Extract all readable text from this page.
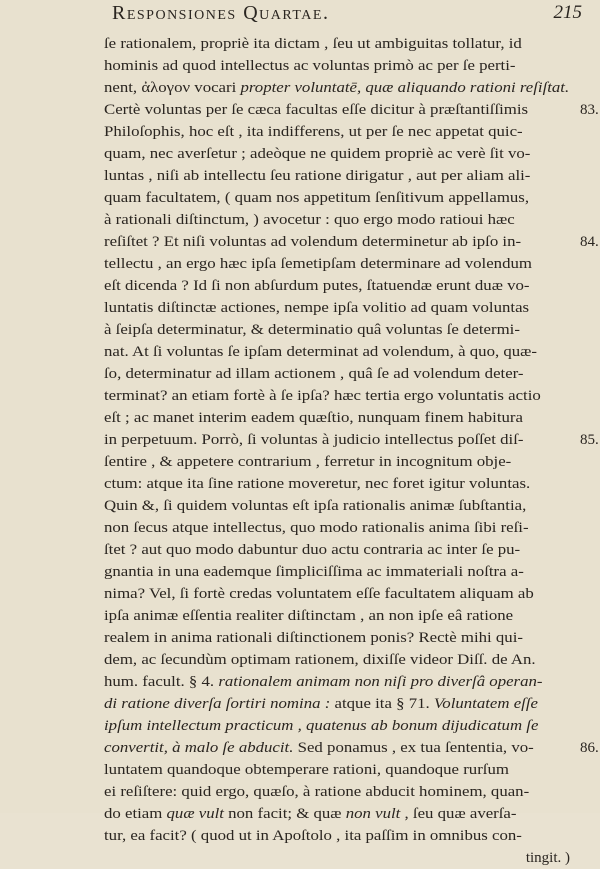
Responsiones Quartae.	215
ſe rationalem, propriè ita dictam , ſeu ut ambiguitas tollatur, id
hominis ad quod intellectus ac voluntas primò ac per ſe perti-
nent, ἀλογον vocari propter voluntatē, quæ aliquando rationi reſiſtat.
Certè voluntas per ſe cæca facultas eſſe dicitur à præſtantiſſimis	83.
Philoſophis, hoc eſt , ita indifferens, ut per ſe nec appetat quic-
quam, nec averſetur ; adeòque ne quidem propriè ac verè ſit vo-
luntas , niſi ab intellectu ſeu ratione dirigatur , aut per aliam ali-
quam facultatem, ( quam nos appetitum ſenſitivum appellamus,
à rationali diſtinctum, ) avocetur : quo ergo modo ratioui hæc
reſiſtet ? Et niſi voluntas ad volendum determinetur ab ipſo in-	84.
tellectu , an ergo hæc ipſa ſemetipſam determinare ad volendum
eſt dicenda ? Id ſi non abſurdum putes, ſtatuendæ erunt duæ vo-
luntatis diſtinctæ actiones, nempe ipſa volitio ad quam voluntas
à ſeipſa determinatur, & determinatio quâ voluntas ſe determi-
nat. At ſi voluntas ſe ipſam determinat ad volendum, à quo, quæ-
ſo, determinatur ad illam actionem , quâ ſe ad volendum deter-
terminat? an etiam fortè à ſe ipſa? hæc tertia ergo voluntatis actio
eſt ; ac manet interim eadem quæſtio, nunquam finem habitura
in perpetuum. Porrò, ſi voluntas à judicio intellectus poſſet diſ-	85.
ſentire , & appetere contrarium , ferretur in incognitum obje-
ctum: atque ita ſine ratione moveretur, nec foret igitur voluntas.
Quin &, ſi quidem voluntas eſt ipſa rationalis animæ ſubſtantia,
non ſecus atque intellectus, quo modo rationalis anima ſibi reſi-
ſtet ? aut quo modo dabuntur duo actu contraria ac inter ſe pu-
gnantia in una eademque ſimpliciſſima ac immateriali noſtra a-
nima? Vel, ſi fortè credas voluntatem eſſe facultatem aliquam ab
ipſa animæ eſſentia realiter diſtinctam , an non ipſe eâ ratione
realem in anima rationali diſtinctionem ponis? Rectè mihi qui-
dem, ac ſecundùm optimam rationem, dixiſſe videor Diſſ. de An.
hum. facult. § 4. rationalem animam non niſi pro diverſâ operan-
di ratione diverſa ſortiri nomina : atque ita § 71. Voluntatem eſſe
ipſum intellectum practicum , quatenus ab bonum dijudicatum ſe
convertit, à malo ſe abducit. Sed ponamus , ex tua ſententia, vo-	86.
luntatem quandoque obtemperare rationi, quandoque rurſum
ei reſiſtere: quid ergo, quæſo, à ratione abducit hominem, quan-
do etiam quæ vult non facit; & quæ non vult , ſeu quæ averſa-
tur, ea facit? ( quod ut in Apoſtolo , ita paſſim in omnibus con-
tingit. )
